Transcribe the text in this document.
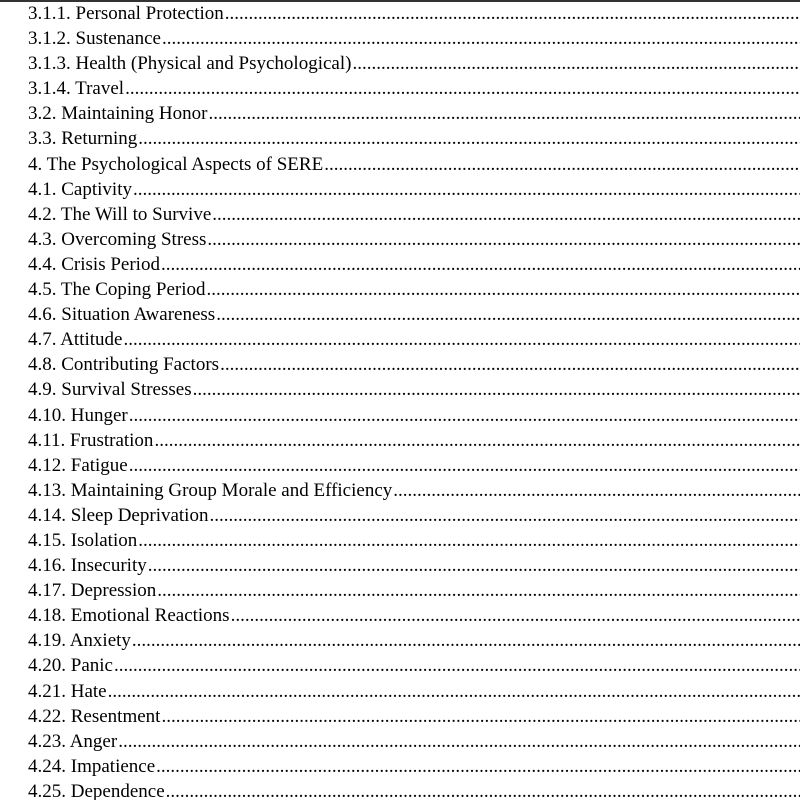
3.1.1. Personal Protection
.....
3.1.2. Sustenance
.....
3.1.3. Health (Physical and Psychological)
.....
3.1.4. Travel
.....
3.2. Maintaining Honor
.....
3.3. Returning
.....
4. The Psychological Aspects of SERE
.....
4.1. Captivity
.....
4.2. The Will to Survive
.....
4.3. Overcoming Stress
.....
4.4. Crisis Period
.....
4.5. The Coping Period
.....
4.6. Situation Awareness
.....
4.7. Attitude
.....
4.8. Contributing Factors
.....
4.9. Survival Stresses
.....
4.10. Hunger
.....
4.11. Frustration
.....
4.12. Fatigue
.....
4.13. Maintaining Group Morale and Efficiency
.....
4.14. Sleep Deprivation
.....
4.15. Isolation
.....
4.16. Insecurity
.....
4.17. Depression
.....
4.18. Emotional Reactions
.....
4.19. Anxiety
.....
4.20. Panic
.....
4.21. Hate
.....
4.22. Resentment
.....
4.23. Anger
.....
4.24. Impatience
.....
4.25. Dependence
.....
